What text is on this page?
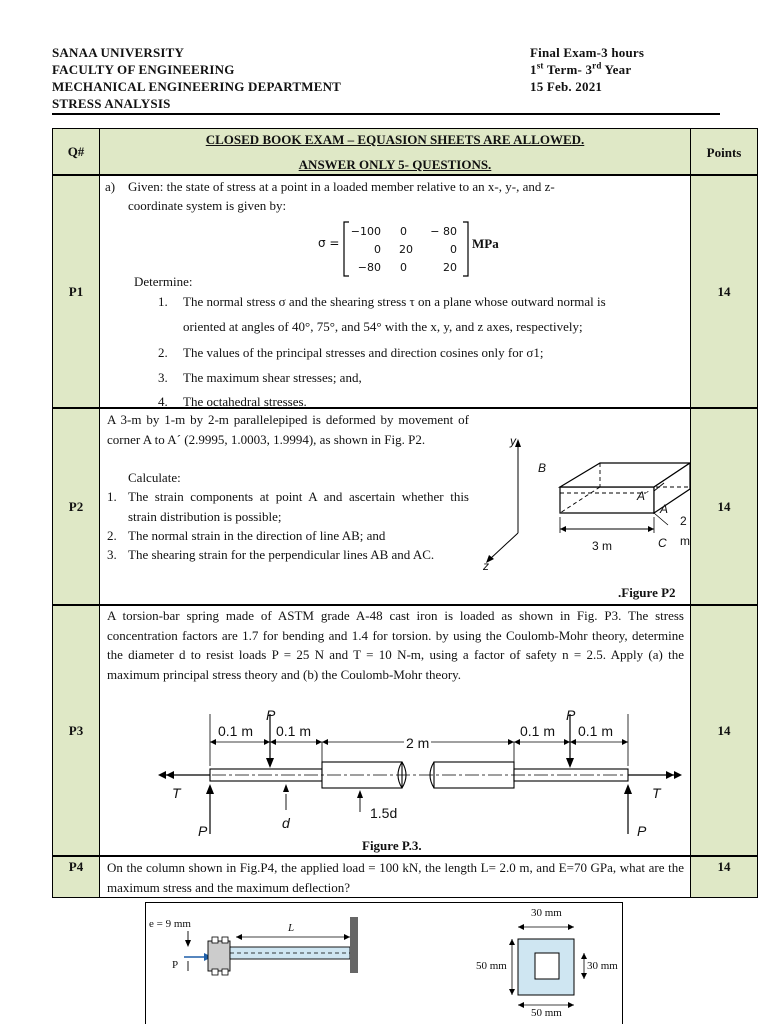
SANAA UNIVERSITY
FACULTY OF ENGINEERING
MECHANICAL ENGINEERING DEPARTMENT
STRESS ANALYSIS
Final Exam-3 hours
1st Term- 3rd Year
15 Feb. 2021
Q#
CLOSED BOOK EXAM – EQUASION SHEETS ARE ALLOWED.
ANSWER ONLY 5- QUESTIONS.
Points
P1
a) Given: the state of stress at a point in a loaded member relative to an x-, y-, and z-
coordinate system is given by:
σ =
−100	0	− 80
0	20	0
−80	0	20
MPa
Determine:
1. The normal stress σ and the shearing stress τ on a plane whose outward normal is
oriented at angles of 40°, 75°, and 54° with the x, y, and z axes, respectively;
2. The values of the principal stresses and direction cosines only for σ1;
3. The maximum shear stresses; and,
4. The octahedral stresses.
14
P2
A 3-m by 1-m by 2-m parallelepiped is deformed by movement of corner A to A´ (2.9995, 1.0003, 1.9994), as shown in Fig. P2.
Calculate:
1. The strain components at point A and ascertain whether this strain distribution is possible;
2. The normal strain in the direction of line AB; and
3. The shearing strain for the perpendicular lines AB and AC.
y
B
A´
A
C
z
2 m
3 m
.Figure P2
14
P3
A torsion-bar spring made of ASTM grade A-48 cast iron is loaded as shown in Fig. P3. The stress concentration factors are 1.7 for bending and 1.4 for torsion. by using the Coulomb-Mohr theory, determine the diameter d to resist loads P = 25 N and T = 10 N-m, using a factor of safety n = 2.5. Apply (a) the maximum principal stress theory and (b) the Coulomb-Mohr theory.
P	P
0.1 m 0.1 m
2 m
0.1 m 0.1 m
T	T
d
1.5d
P	P
Figure P.3.
14
P4	On the column shown in Fig.P4, the applied load = 100 kN, the length L= 2.0 m, and E=70 GPa, what are the maximum stress and the maximum deflection?
14
e = 9 mm	L
P
30 mm
50 mm	30 mm
50 mm
